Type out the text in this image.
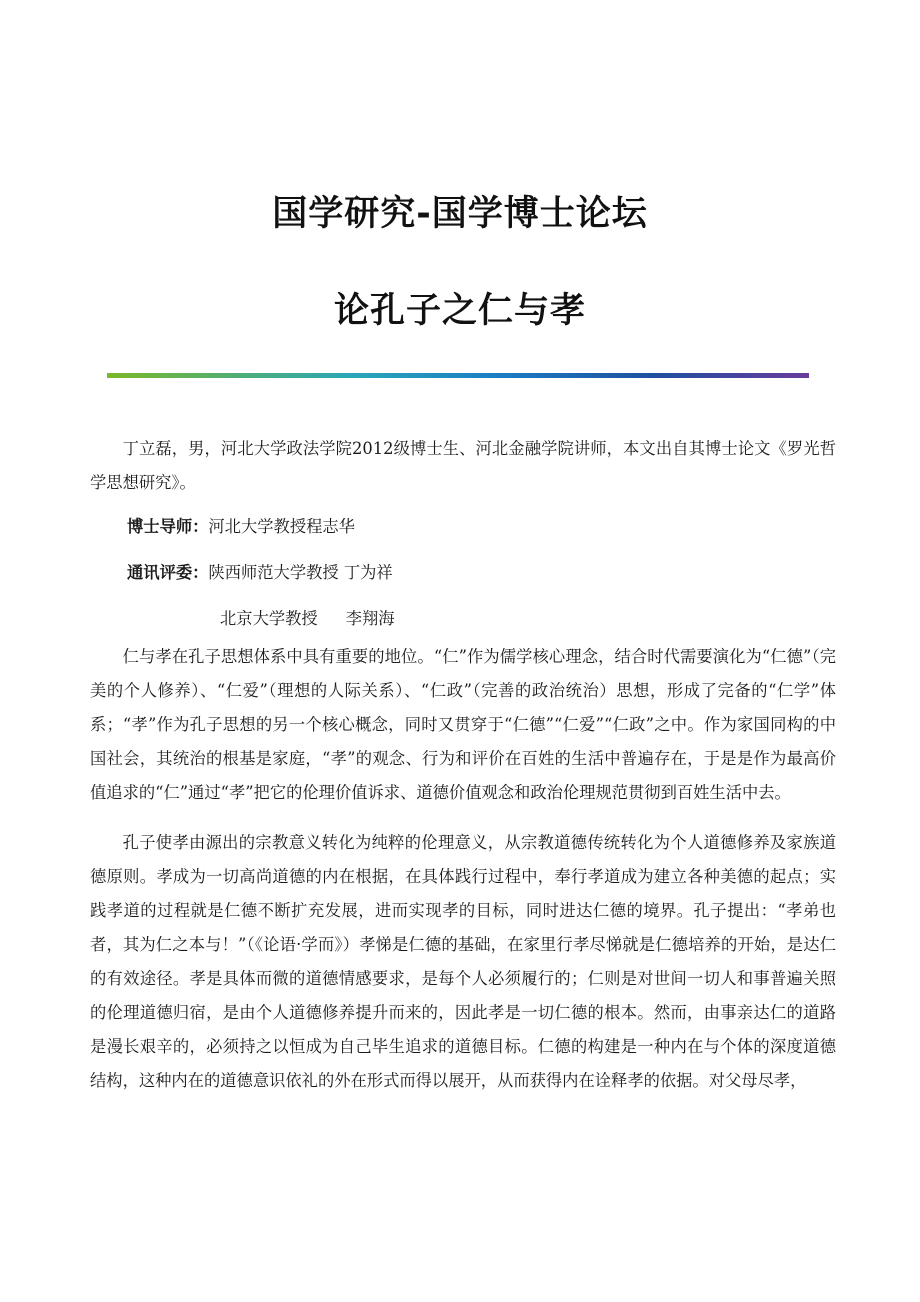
国学研究-国学博士论坛
论孔子之仁与孝

丁立磊，男，河北大学政法学院2012级博士生、河北金融学院讲师，本文出自其博士论文《罗光哲学思想研究》。

博士导师：河北大学教授程志华

通讯评委：陕西师范大学教授 丁为祥

北京大学教授 李翔海

仁与孝在孔子思想体系中具有重要的地位。“仁”作为儒学核心理念，结合时代需要演化为“仁德”（完美的个人修养）、“仁爱”（理想的人际关系）、“仁政”（完善的政治统治）思想，形成了完备的“仁学”体系；“孝”作为孔子思想的另一个核心概念，同时又贯穿于“仁德”“仁爱”“仁政”之中。作为家国同构的中国社会，其统治的根基是家庭，“孝”的观念、行为和评价在百姓的生活中普遍存在，于是是作为最高价值追求的“仁”通过“孝”把它的伦理价值诉求、道德价值观念和政治伦理规范贯彻到百姓生活中去。

孔子使孝由源出的宗教意义转化为纯粹的伦理意义，从宗教道德传统转化为个人道德修养及家族道德原则。孝成为一切高尚道德的内在根据，在具体践行过程中，奉行孝道成为建立各种美德的起点；实践孝道的过程就是仁德不断扩充发展，进而实现孝的目标，同时进达仁德的境界。孔子提出：“孝弟也者，其为仁之本与！”（《论语·学而》）孝悌是仁德的基础，在家里行孝尽悌就是仁德培养的开始，是达仁的有效途径。孝是具体而微的道德情感要求，是每个人必须履行的；仁则是对世间一切人和事普遍关照的伦理道德归宿，是由个人道德修养提升而来的，因此孝是一切仁德的根本。然而，由事亲达仁的道路是漫长艰辛的，必须持之以恒成为自己毕生追求的道德目标。仁德的构建是一种内在与个体的深度道德结构，这种内在的道德意识依礼的外在形式而得以展开，从而获得内在诠释孝的依据。对父母尽孝，
